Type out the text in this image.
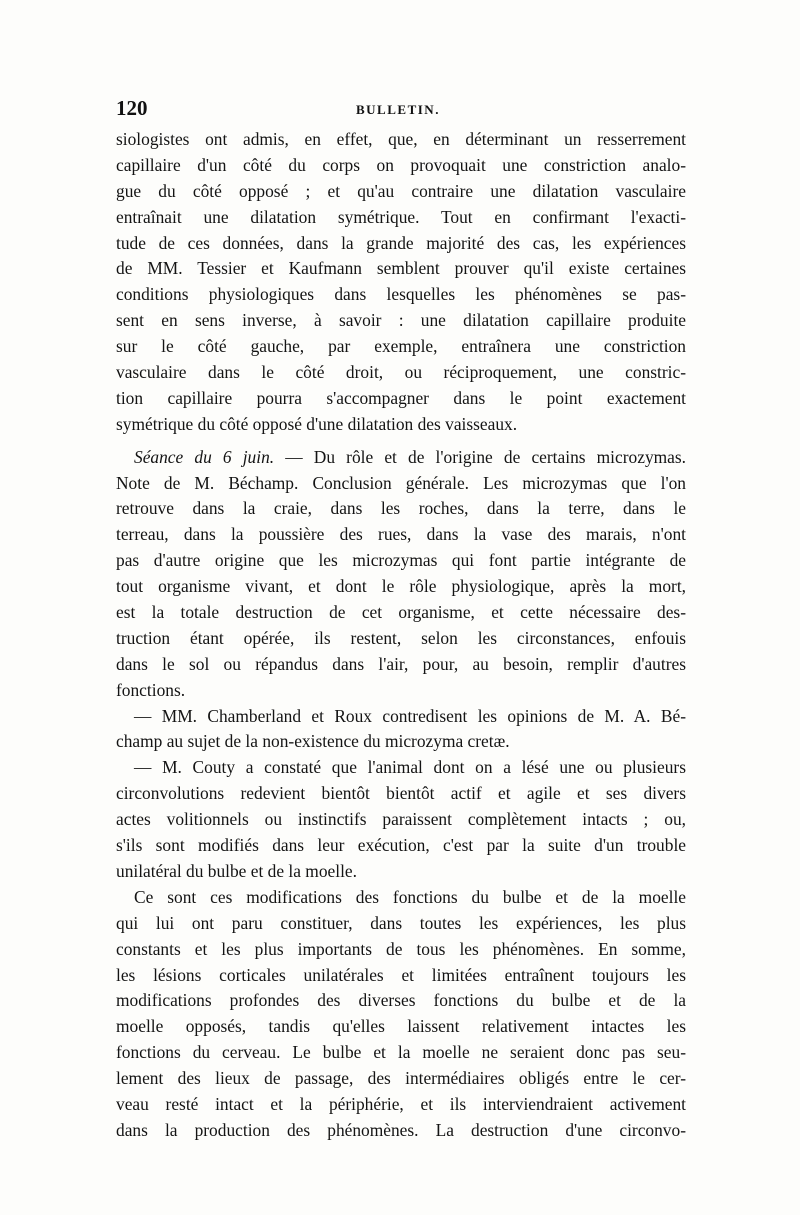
120	BULLETIN.
siologistes ont admis, en effet, que, en déterminant un resserrement
capillaire d'un côté du corps on provoquait une constriction analo-
gue du côté opposé ; et qu'au contraire une dilatation vasculaire
entraînait une dilatation symétrique. Tout en confirmant l'exacti-
tude de ces données, dans la grande majorité des cas, les expériences
de MM. Tessier et Kaufmann semblent prouver qu'il existe certaines
conditions physiologiques dans lesquelles les phénomènes se pas-
sent en sens inverse, à savoir : une dilatation capillaire produite
sur le côté gauche, par exemple, entraînera une constriction
vasculaire dans le côté droit, ou réciproquement, une constric-
tion capillaire pourra s'accompagner dans le point exactement
symétrique du côté opposé d'une dilatation des vaisseaux.
Séance du 6 juin. — Du rôle et de l'origine de certains microzymas.
Note de M. Béchamp. Conclusion générale. Les microzymas que l'on
retrouve dans la craie, dans les roches, dans la terre, dans le
terreau, dans la poussière des rues, dans la vase des marais, n'ont
pas d'autre origine que les microzymas qui font partie intégrante de
tout organisme vivant, et dont le rôle physiologique, après la mort,
est la totale destruction de cet organisme, et cette nécessaire des-
truction étant opérée, ils restent, selon les circonstances, enfouis
dans le sol ou répandus dans l'air, pour, au besoin, remplir d'autres
fonctions.
— MM. Chamberland et Roux contredisent les opinions de M. A. Bé-
champ au sujet de la non-existence du microzyma cretæ.
— M. Couty a constaté que l'animal dont on a lésé une ou plusieurs
circonvolutions redevient bientôt bientôt actif et agile et ses divers
actes volitionnels ou instinctifs paraissent complètement intacts ; ou,
s'ils sont modifiés dans leur exécution, c'est par la suite d'un trouble
unilatéral du bulbe et de la moelle.
Ce sont ces modifications des fonctions du bulbe et de la moelle
qui lui ont paru constituer, dans toutes les expériences, les plus
constants et les plus importants de tous les phénomènes. En somme,
les lésions corticales unilatérales et limitées entraînent toujours les
modifications profondes des diverses fonctions du bulbe et de la
moelle opposés, tandis qu'elles laissent relativement intactes les
fonctions du cerveau. Le bulbe et la moelle ne seraient donc pas seu-
lement des lieux de passage, des intermédiaires obligés entre le cer-
veau resté intact et la périphérie, et ils interviendraient activement
dans la production des phénomènes. La destruction d'une circonvo-
